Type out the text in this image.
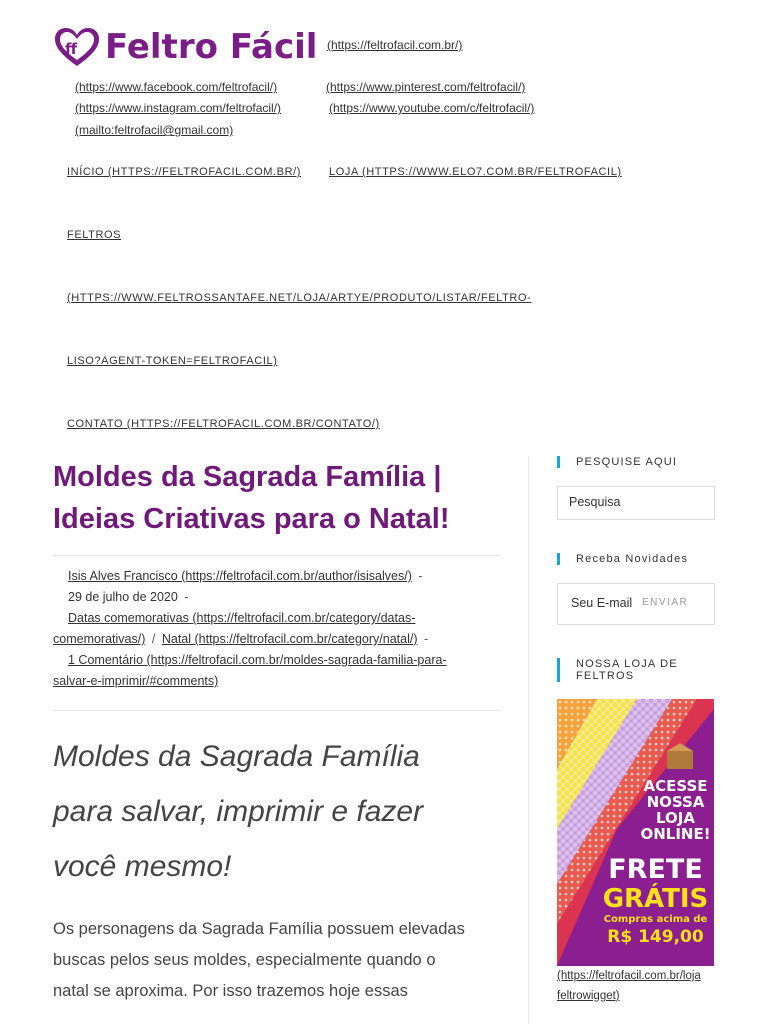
ff Feltro Fácil (https://feltrofacil.com.br/)
(https://www.facebook.com/feltrofacil/)	(https://www.pinterest.com/feltrofacil/)
(https://www.instagram.com/feltrofacil/)	(https://www.youtube.com/c/feltrofacil/)
(mailto:feltrofacil@gmail.com)
INÍCIO (HTTPS://FELTROFACIL.COM.BR/)	LOJA (HTTPS://WWW.ELO7.COM.BR/FELTROFACIL)
FELTROS
(HTTPS://WWW.FELTROSSANTAFE.NET/LOJA/ARTYE/PRODUTO/LISTAR/FELTRO-
LISO?AGENT-TOKEN=FELTROFACIL)
CONTATO (HTTPS://FELTROFACIL.COM.BR/CONTATO/)
Moldes da Sagrada Família |
Ideias Criativas para o Natal!
Isis Alves Francisco (https://feltrofacil.com.br/author/isisalves/) -
29 de julho de 2020 -
Datas comemorativas (https://feltrofacil.com.br/category/datas-
comemorativas/) / Natal (https://feltrofacil.com.br/category/natal/) -
1 Comentário (https://feltrofacil.com.br/moldes-sagrada-familia-para-
salvar-e-imprimir/#comments)
Moldes da Sagrada Família
para salvar, imprimir e fazer
você mesmo!

Os personagens da Sagrada Família possuem elevadas
buscas pelos seus moldes, especialmente quando o
natal se aproxima. Por isso trazemos hoje essas

PESQUISE AQUI
Pesquisa
Receba Novidades
Seu E-mail ENVIAR
NOSSA LOJA DE
FELTROS
ACESSE
NOSSA
LOJA
ONLINE!
FRETE
GRÁTIS
Compras acima de
R$ 149,00
(https://feltrofacil.com.br/loja
feltrowigget)
